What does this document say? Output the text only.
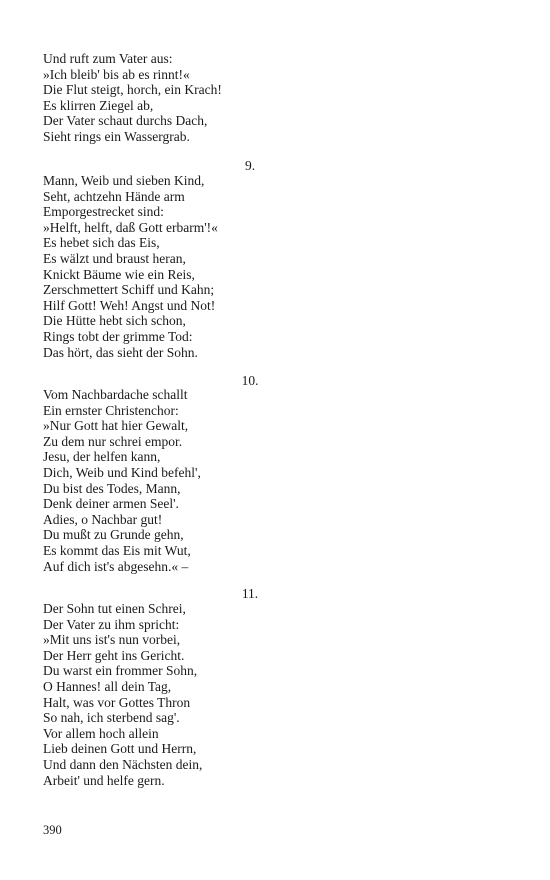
Und ruft zum Vater aus:
»Ich bleib' bis ab es rinnt!«
Die Flut steigt, horch, ein Krach!
Es klirren Ziegel ab,
Der Vater schaut durchs Dach,
Sieht rings ein Wassergrab.
9.
Mann, Weib und sieben Kind,
Seht, achtzehn Hände arm
Emporgestrecket sind:
»Helft, helft, daß Gott erbarm'!«
Es hebet sich das Eis,
Es wälzt und braust heran,
Knickt Bäume wie ein Reis,
Zerschmettert Schiff und Kahn;
Hilf Gott! Weh! Angst und Not!
Die Hütte hebt sich schon,
Rings tobt der grimme Tod:
Das hört, das sieht der Sohn.
10.
Vom Nachbardache schallt
Ein ernster Christenchor:
»Nur Gott hat hier Gewalt,
Zu dem nur schrei empor.
Jesu, der helfen kann,
Dich, Weib und Kind befehl',
Du bist des Todes, Mann,
Denk deiner armen Seel'.
Adies, o Nachbar gut!
Du mußt zu Grunde gehn,
Es kommt das Eis mit Wut,
Auf dich ist's abgesehn.« –
11.
Der Sohn tut einen Schrei,
Der Vater zu ihm spricht:
»Mit uns ist's nun vorbei,
Der Herr geht ins Gericht.
Du warst ein frommer Sohn,
O Hannes! all dein Tag,
Halt, was vor Gottes Thron
So nah, ich sterbend sag'.
Vor allem hoch allein
Lieb deinen Gott und Herrn,
Und dann den Nächsten dein,
Arbeit' und helfe gern.
390
